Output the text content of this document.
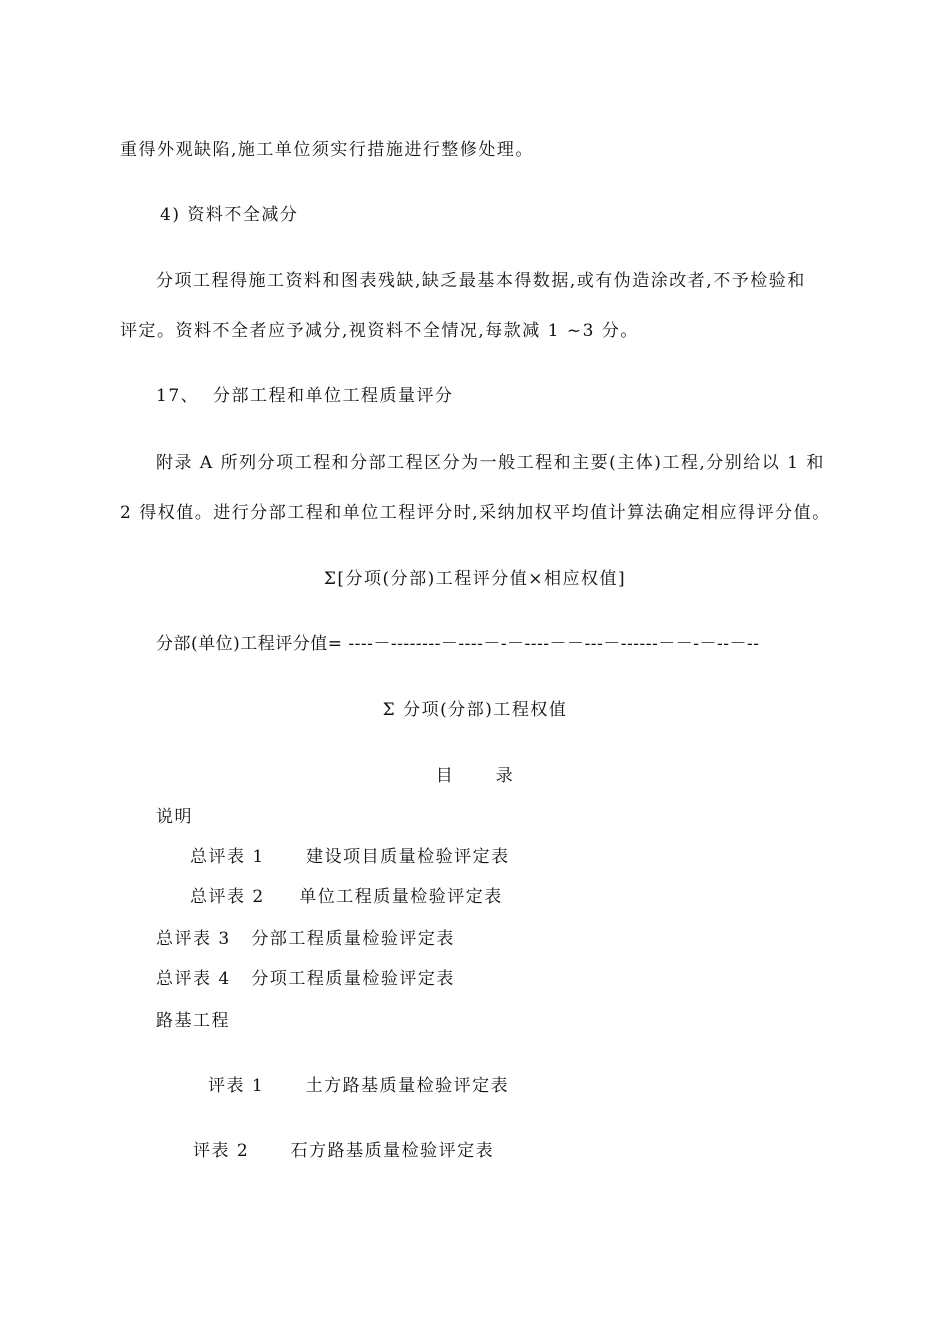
重得外观缺陷,施工单位须实行措施进行整修处理。
4) 资料不全减分
分项工程得施工资料和图表残缺,缺乏最基本得数据,或有伪造涂改者,不予检验和
评定。资料不全者应予减分,视资料不全情况,每款减 1 ~3 分。
17、  分部工程和单位工程质量评分
附录 A 所列分项工程和分部工程区分为一般工程和主要(主体)工程,分别给以 1 和
2 得权值。进行分部工程和单位工程评分时,采纳加权平均值计算法确定相应得评分值。
Σ[分项(分部)工程评分值×相应权值]
分部(单位)工程评分值= ----－--------－----－-－----－－---－------－－-－--－--
Σ 分项(分部)工程权值
目      录
说明
总评表 1      建设项目质量检验评定表
总评表 2     单位工程质量检验评定表
总评表 3   分部工程质量检验评定表
总评表 4   分项工程质量检验评定表
路基工程
评表 1      土方路基质量检验评定表
评表 2      石方路基质量检验评定表
